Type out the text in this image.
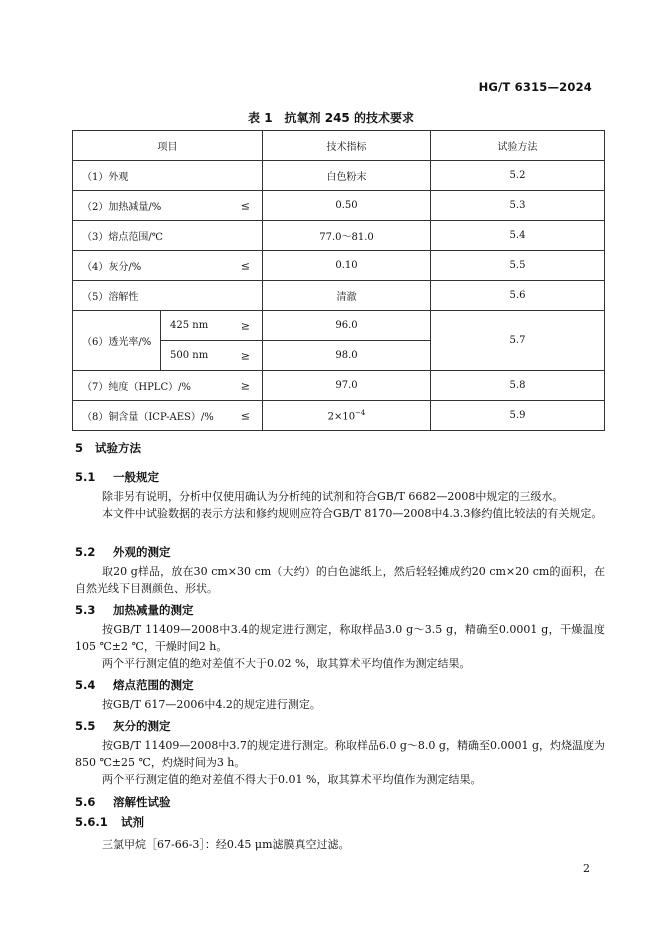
HG/T 6315—2024
表 1　抗氧剂 245 的技术要求
项目		技术指标	试验方法
（1）外观		白色粉末	5.2
（2）加热减量/% ≤		0.50	5.3
（3）熔点范围/℃		77.0～81.0	5.4
（4）灰分/% ≤		0.10	5.5
（5）溶解性		清澈	5.6
（6）透光率/%	425 nm ≥	96.0	5.7
	500 nm ≥	98.0	
（7）纯度（HPLC）/% ≥		97.0	5.8
（8）铜含量（ICP-AES）/% ≤		$2\times 10^{-4}$	5.9
5 试验方法
5.1 一般规定
除非另有说明，分析中仅使用确认为分析纯的试剂和符合GB/T 6682—2008中规定的三级水。
本文件中试验数据的表示方法和修约规则应符合GB/T 8170—2008中4.3.3修约值比较法的有关规定。
5.2 外观的测定
取20 g样品，放在30 cm×30 cm（大约）的白色滤纸上，然后轻轻摊成约20 cm×20 cm的面积，在自然光线下目测颜色、形状。
5.3 加热减量的测定
按GB/T 11409—2008中3.4的规定进行测定，称取样品3.0 g～3.5 g，精确至0.0001 g，干燥温度105 ℃±2 ℃，干燥时间2 h。
两个平行测定值的绝对差值不大于0.02 %，取其算术平均值作为测定结果。
5.4 熔点范围的测定
按GB/T 617—2006中4.2的规定进行测定。
5.5 灰分的测定
按GB/T 11409—2008中3.7的规定进行测定。称取样品6.0 g～8.0 g，精确至0.0001 g，灼烧温度为850 ℃±25 ℃，灼烧时间为3 h。
两个平行测定值的绝对差值不得大于0.01 %，取其算术平均值作为测定结果。
5.6 溶解性试验
5.6.1 试剂
三氯甲烷［67-66-3］：经0.45 μm滤膜真空过滤。
2
